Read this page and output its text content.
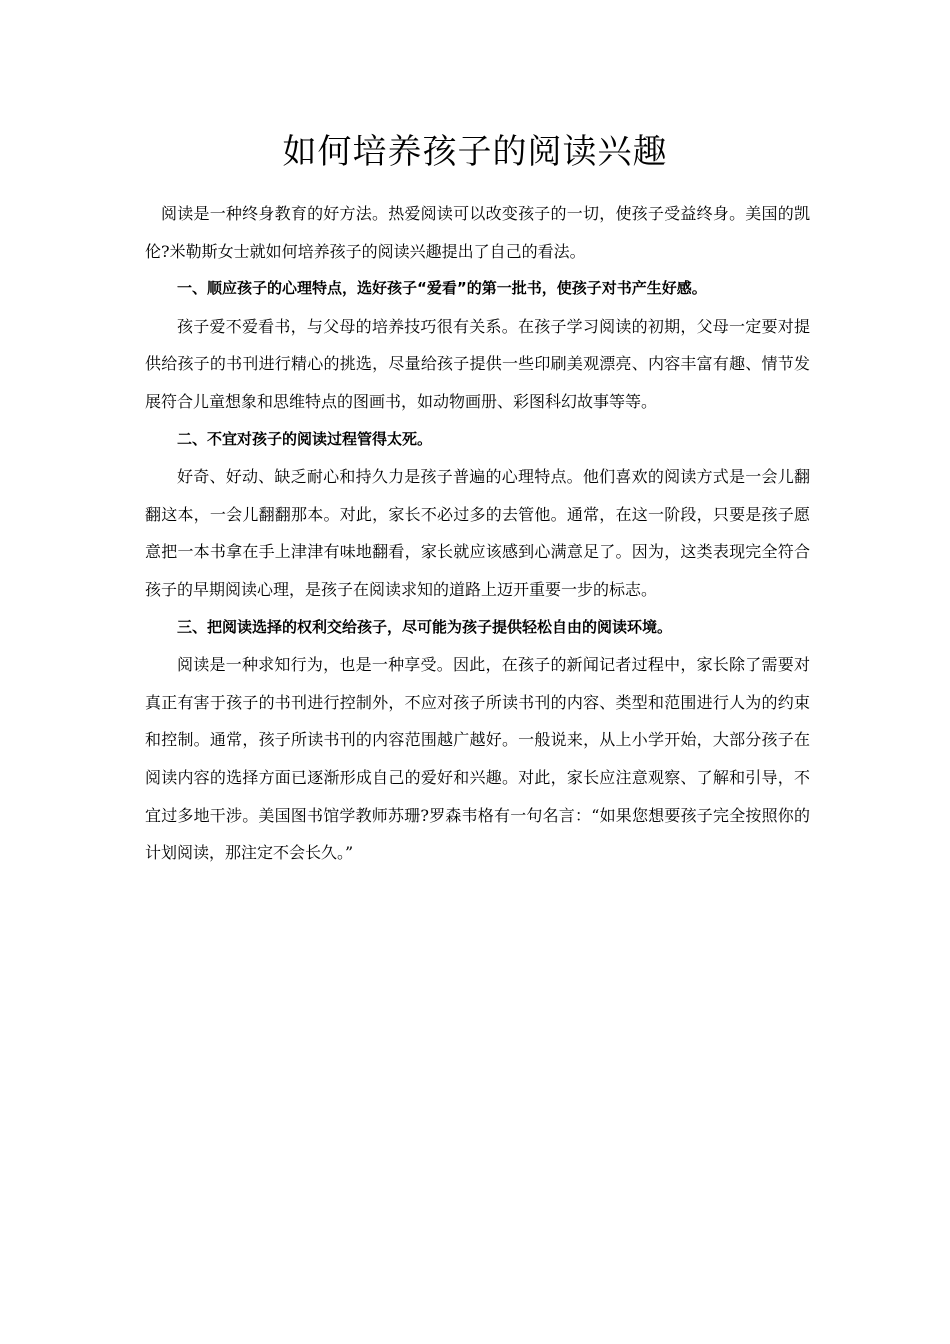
如何培养孩子的阅读兴趣

阅读是一种终身教育的好方法。热爱阅读可以改变孩子的一切，使孩子受益终身。美国的凯伦?米勒斯女士就如何培养孩子的阅读兴趣提出了自己的看法。

一、顺应孩子的心理特点，选好孩子“爱看”的第一批书，使孩子对书产生好感。

孩子爱不爱看书，与父母的培养技巧很有关系。在孩子学习阅读的初期，父母一定要对提供给孩子的书刊进行精心的挑选，尽量给孩子提供一些印刷美观漂亮、内容丰富有趣、情节发展符合儿童想象和思维特点的图画书，如动物画册、彩图科幻故事等等。

二、不宜对孩子的阅读过程管得太死。

好奇、好动、缺乏耐心和持久力是孩子普遍的心理特点。他们喜欢的阅读方式是一会儿翻翻这本，一会儿翻翻那本。对此，家长不必过多的去管他。通常，在这一阶段，只要是孩子愿意把一本书拿在手上津津有味地翻看，家长就应该感到心满意足了。因为，这类表现完全符合孩子的早期阅读心理，是孩子在阅读求知的道路上迈开重要一步的标志。

三、把阅读选择的权利交给孩子，尽可能为孩子提供轻松自由的阅读环境。

阅读是一种求知行为，也是一种享受。因此，在孩子的新闻记者过程中，家长除了需要对真正有害于孩子的书刊进行控制外，不应对孩子所读书刊的内容、类型和范围进行人为的约束和控制。通常，孩子所读书刊的内容范围越广越好。一般说来，从上小学开始，大部分孩子在阅读内容的选择方面已逐渐形成自己的爱好和兴趣。对此，家长应注意观察、了解和引导，不宜过多地干涉。美国图书馆学教师苏珊?罗森韦格有一句名言：“如果您想要孩子完全按照你的计划阅读，那注定不会长久。”
